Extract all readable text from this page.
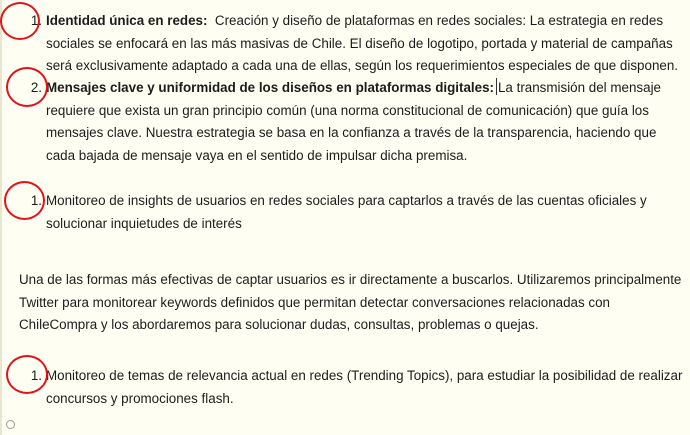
1. Identidad única en redes:  Creación y diseño de plataformas en redes sociales: La estrategia en redes sociales se enfocará en las más masivas de Chile. El diseño de logotipo, portada y material de campañas será exclusivamente adaptado a cada una de ellas, según los requerimientos especiales de que disponen.
2. Mensajes clave y uniformidad de los diseños en plataformas digitales: La transmisión del mensaje requiere que exista un gran principio común (una norma constitucional de comunicación) que guía los mensajes clave. Nuestra estrategia se basa en la confianza a través de la transparencia, haciendo que cada bajada de mensaje vaya en el sentido de impulsar dicha premisa.
1. Monitoreo de insights de usuarios en redes sociales para captarlos a través de las cuentas oficiales y solucionar inquietudes de interés
Una de las formas más efectivas de captar usuarios es ir directamente a buscarlos. Utilizaremos principalmente Twitter para monitorear keywords definidos que permitan detectar conversaciones relacionadas con ChileCompra y los abordaremos para solucionar dudas, consultas, problemas o quejas.
1. Monitoreo de temas de relevancia actual en redes (Trending Topics), para estudiar la posibilidad de realizar concursos y promociones flash.
